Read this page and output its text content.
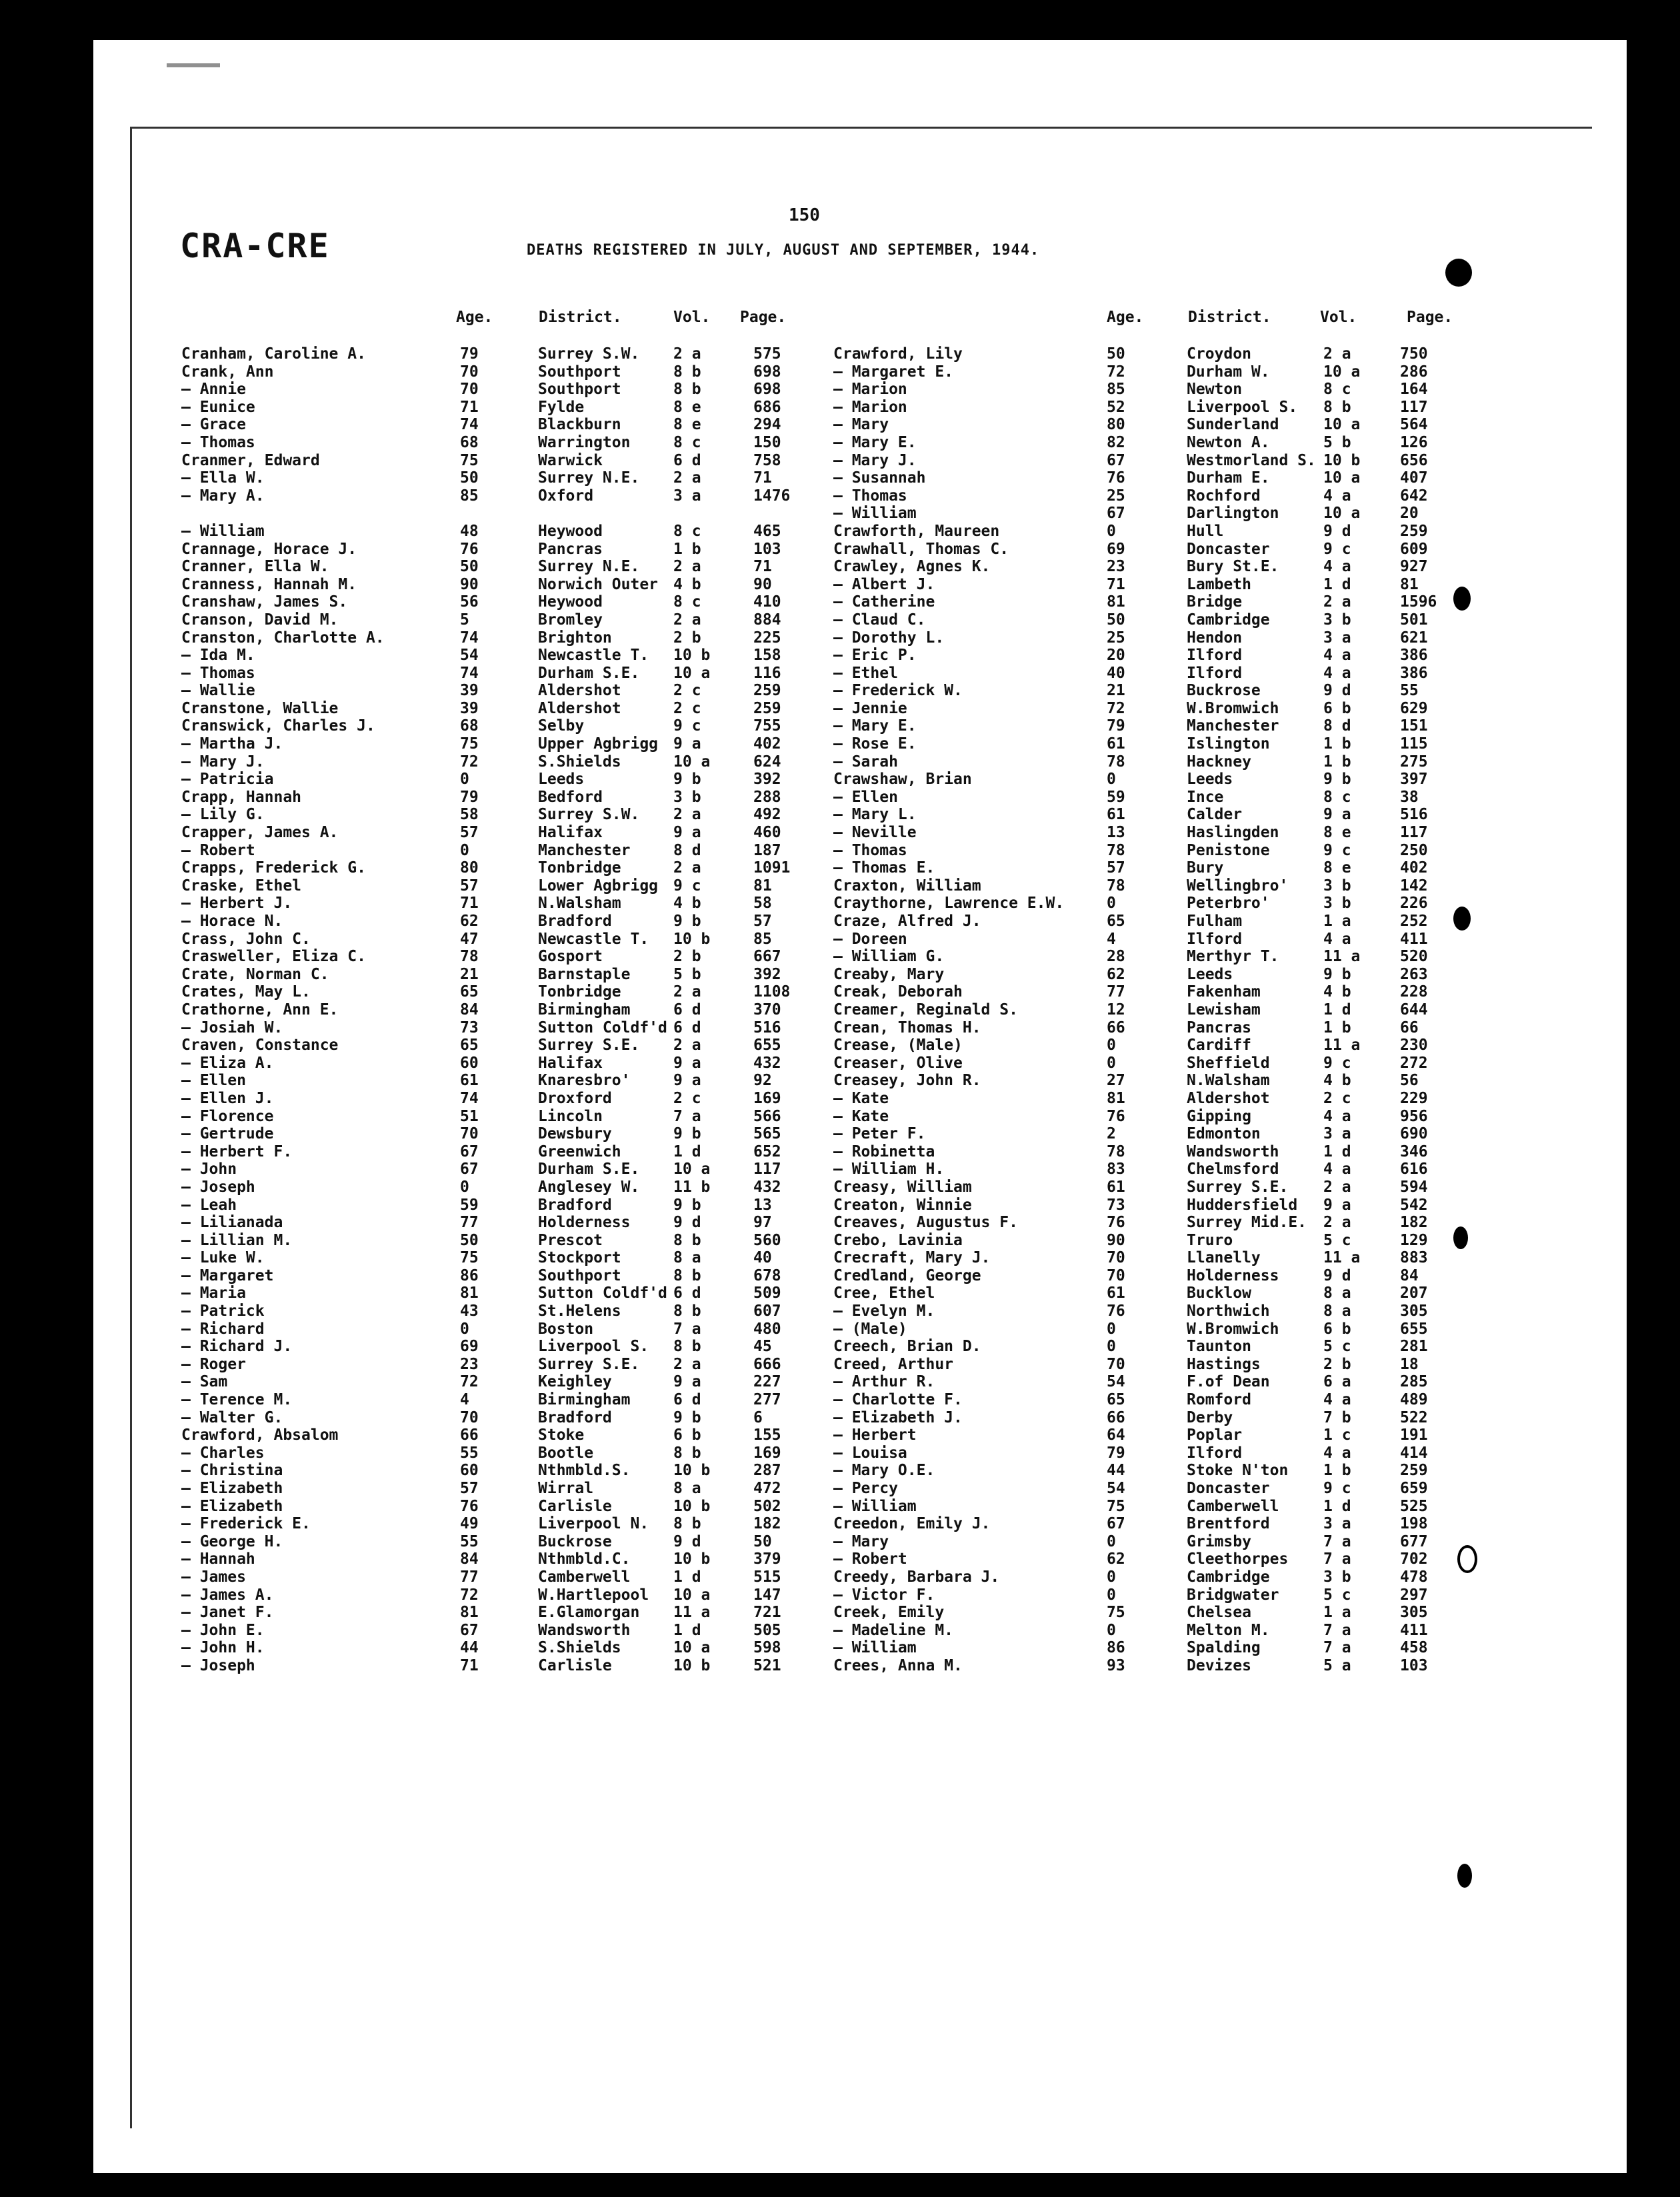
150
CRA-CRE	DEATHS REGISTERED IN JULY, AUGUST AND SEPTEMBER, 1944.
Age.	District.	Vol. Page.	Age.	District.	Vol.	Page.
Cranham, Caroline A.	79	Surrey S.W. 2 a	575
Crank, Ann	70	Southport	8 b	698
— Annie	70	Southport	8 b	698
— Eunice	71	Fylde	8 e	686
— Grace	74	Blackburn	8 e	294
— Thomas	68	Warrington	8 c	150
Cranmer, Edward	75	Warwick	6 d	758
— Ella W.	50	Surrey N.E. 2 a	71
— Mary A.	85	Oxford	3 a	1476
— William	48	Heywood	8 c	465
Crannage, Horace J.	76	Pancras	1 b	103
Cranner, Ella W.	50	Surrey N.E. 2 a	71
Cranness, Hannah M.	90	Norwich Outer 4 b	90
Cranshaw, James S.	56	Heywood	8 c	410
Cranson, David M.	5	Bromley	2 a	884
Cranston, Charlotte A.	74	Brighton	2 b	225
— Ida M.	54	Newcastle T. 10 b	158
— Thomas	74	Durham S.E. 10 a	116
— Wallie	39	Aldershot	2 c	259
Cranstone, Wallie	39	Aldershot	2 c	259
Cranswick, Charles J.	68	Selby	9 c	755
— Martha J.	75	Upper Agbrigg 9 a	402
— Mary J.	72	S.Shields	10 a	624
— Patricia	0	Leeds	9 b	392
Crapp, Hannah	79	Bedford	3 b	288
— Lily G.	58	Surrey S.W. 2 a	492
Crapper, James A.	57	Halifax	9 a	460
— Robert	0	Manchester	8 d	187
Crapps, Frederick G.	80	Tonbridge	2 a	1091
Craske, Ethel	57	Lower Agbrigg 9 c	81
— Herbert J.	71	N.Walsham	4 b	58
— Horace N.	62	Bradford	9 b	57
Crass, John C.	47	Newcastle T. 10 b	85
Crasweller, Eliza C.	78	Gosport	2 b	667
Crate, Norman C.	21	Barnstaple	5 b	392
Crates, May L.	65	Tonbridge	2 a	1108
Crathorne, Ann E.	84	Birmingham	6 d	370
— Josiah W.	73	Sutton Coldf'd 6 d	516
Craven, Constance	65	Surrey S.E. 2 a	655
— Eliza A.	60	Halifax	9 a	432
— Ellen	61	Knaresbro'	9 a	92
— Ellen J.	74	Droxford	2 c	169
— Florence	51	Lincoln	7 a	566
— Gertrude	70	Dewsbury	9 b	565
— Herbert F.	67	Greenwich	1 d	652
— John	67	Durham S.E. 10 a	117
— Joseph	0	Anglesey W. 11 b	432
— Leah	59	Bradford	9 b	13
— Lilianada	77	Holderness	9 d	97
— Lillian M.	50	Prescot	8 b	560
— Luke W.	75	Stockport	8 a	40
— Margaret	86	Southport	8 b	678
— Maria	81	Sutton Coldf'd 6 d	509
— Patrick	43	St.Helens	8 b	607
— Richard	0	Boston	7 a	480
— Richard J.	69	Liverpool S. 8 b	45
— Roger	23	Surrey S.E. 2 a	666
— Sam	72	Keighley	9 a	227
— Terence M.	4	Birmingham	6 d	277
— Walter G.	70	Bradford	9 b	6
Crawford, Absalom	66	Stoke	6 b	155
— Charles	55	Bootle	8 b	169
— Christina	60	Nthmbld.S.	10 b	287
— Elizabeth	57	Wirral	8 a	472
— Elizabeth	76	Carlisle	10 b	502
— Frederick E.	49	Liverpool N. 8 b	182
— George H.	55	Buckrose	9 d	50
— Hannah	84	Nthmbld.C.	10 b	379
— James	77	Camberwell	1 d	515
— James A.	72	W.Hartlepool 10 a	147
— Janet F.	81	E.Glamorgan 11 a	721
— John E.	67	Wandsworth	1 d	505
— John H.	44	S.Shields	10 a	598
— Joseph	71	Carlisle	10 b	521
Crawford, Lily	50	Croydon	2 a	750
— Margaret E.	72	Durham W.	10 a	286
— Marion	85	Newton	8 c	164
— Marion	52	Liverpool S. 8 b	117
— Mary	80	Sunderland	10 a	564
— Mary E.	82	Newton A.	5 b	126
— Mary J.	67	Westmorland S. 10 b	656
— Susannah	76	Durham E.	10 a	407
— Thomas	25	Rochford	4 a	642
— William	67	Darlington	10 a	20
Crawforth, Maureen	0	Hull	9 d	259
Crawhall, Thomas C.	69	Doncaster	9 c	609
Crawley, Agnes K.	23	Bury St.E.	4 a	927
— Albert J.	71	Lambeth	1 d	81
— Catherine	81	Bridge	2 a	1596
— Claud C.	50	Cambridge	3 b	501
— Dorothy L.	25	Hendon	3 a	621
— Eric P.	20	Ilford	4 a	386
— Ethel	40	Ilford	4 a	386
— Frederick W.	21	Buckrose	9 d	55
— Jennie	72	W.Bromwich	6 b	629
— Mary E.	79	Manchester	8 d	151
— Rose E.	61	Islington	1 b	115
— Sarah	78	Hackney	1 b	275
Crawshaw, Brian	0	Leeds	9 b	397
— Ellen	59	Ince	8 c	38
— Mary L.	61	Calder	9 a	516
— Neville	13	Haslingden	8 e	117
— Thomas	78	Penistone	9 c	250
— Thomas E.	57	Bury	8 e	402
Craxton, William	78	Wellingbro' 3 b	142
Craythorne, Lawrence E.W.	0	Peterbro'	3 b	226
Craze, Alfred J.	65	Fulham	1 a	252
— Doreen	4	Ilford	4 a	411
— William G.	28	Merthyr T.	11 a	520
Creaby, Mary	62	Leeds	9 b	263
Creak, Deborah	77	Fakenham	4 b	228
Creamer, Reginald S.	12	Lewisham	1 d	644
Crean, Thomas H.	66	Pancras	1 b	66
Crease, (Male)	0	Cardiff	11 a	230
Creaser, Olive	0	Sheffield	9 c	272
Creasey, John R.	27	N.Walsham	4 b	56
— Kate	81	Aldershot	2 c	229
— Kate	76	Gipping	4 a	956
— Peter F.	2	Edmonton	3 a	690
— Robinetta	78	Wandsworth	1 d	346
— William H.	83	Chelmsford	4 a	616
Creasy, William	61	Surrey S.E. 2 a	594
Creaton, Winnie	73	Huddersfield 9 a	542
Creaves, Augustus F.	76	Surrey Mid.E. 2 a	182
Crebo, Lavinia	90	Truro	5 c	129
Crecraft, Mary J.	70	Llanelly	11 a	883
Credland, George	70	Holderness	9 d	84
Cree, Ethel	61	Bucklow	8 a	207
— Evelyn M.	76	Northwich	8 a	305
— (Male)	0	W.Bromwich	6 b	655
Creech, Brian D.	0	Taunton	5 c	281
Creed, Arthur	70	Hastings	2 b	18
— Arthur R.	54	F.of Dean	6 a	285
— Charlotte F.	65	Romford	4 a	489
— Elizabeth J.	66	Derby	7 b	522
— Herbert	64	Poplar	1 c	191
— Louisa	79	Ilford	4 a	414
— Mary O.E.	44	Stoke N'ton 1 b	259
— Percy	54	Doncaster	9 c	659
— William	75	Camberwell	1 d	525
Creedon, Emily J.	67	Brentford	3 a	198
— Mary	0	Grimsby	7 a	677
— Robert	62	Cleethorpes 7 a	702
Creedy, Barbara J.	0	Cambridge	3 b	478
— Victor F.	0	Bridgwater	5 c	297
Creek, Emily	75	Chelsea	1 a	305
— Madeline M.	0	Melton M.	7 a	411
— William	86	Spalding	7 a	458
Crees, Anna M.	93	Devizes	5 a	103
